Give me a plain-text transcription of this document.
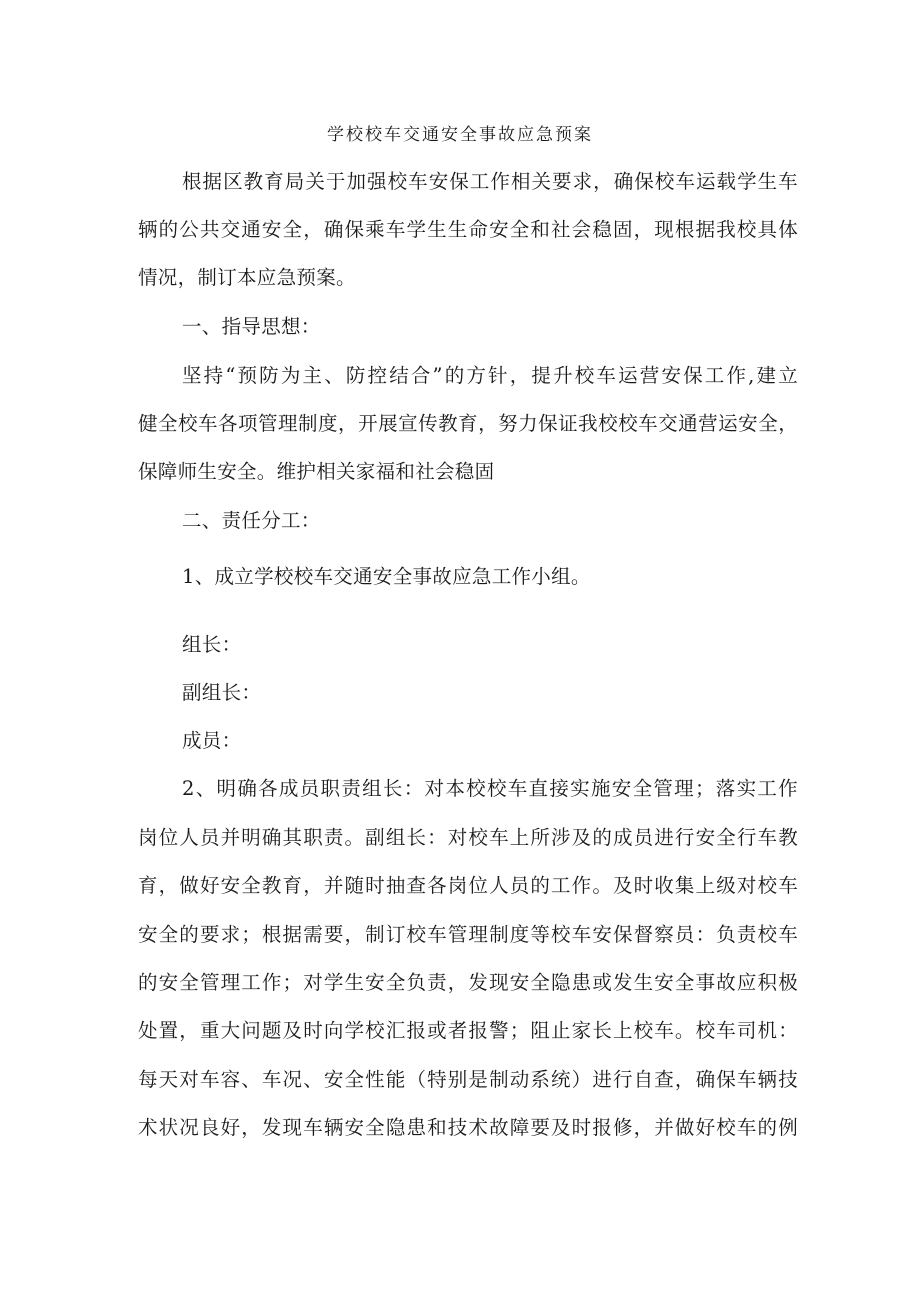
学校校车交通安全事故应急预案
根据区教育局关于加强校车安保工作相关要求，确保校车运载学生车
辆的公共交通安全，确保乘车学生生命安全和社会稳固，现根据我校具体
情况，制订本应急预案。
一、指导思想：
坚持“预防为主、防控结合”的方针，提升校车运营安保工作,建立
健全校车各项管理制度，开展宣传教育，努力保证我校校车交通营运安全，
保障师生安全。维护相关家福和社会稳固
二、责任分工：
1、成立学校校车交通安全事故应急工作小组。
组长：
副组长：
成员：
2、明确各成员职责组长：对本校校车直接实施安全管理；落实工作
岗位人员并明确其职责。副组长：对校车上所涉及的成员进行安全行车教
育，做好安全教育，并随时抽查各岗位人员的工作。及时收集上级对校车
安全的要求；根据需要，制订校车管理制度等校车安保督察员：负责校车
的安全管理工作；对学生安全负责，发现安全隐患或发生安全事故应积极
处置，重大问题及时向学校汇报或者报警；阻止家长上校车。校车司机：
每天对车容、车况、安全性能（特别是制动系统）进行自查，确保车辆技
术状况良好，发现车辆安全隐患和技术故障要及时报修，并做好校车的例
